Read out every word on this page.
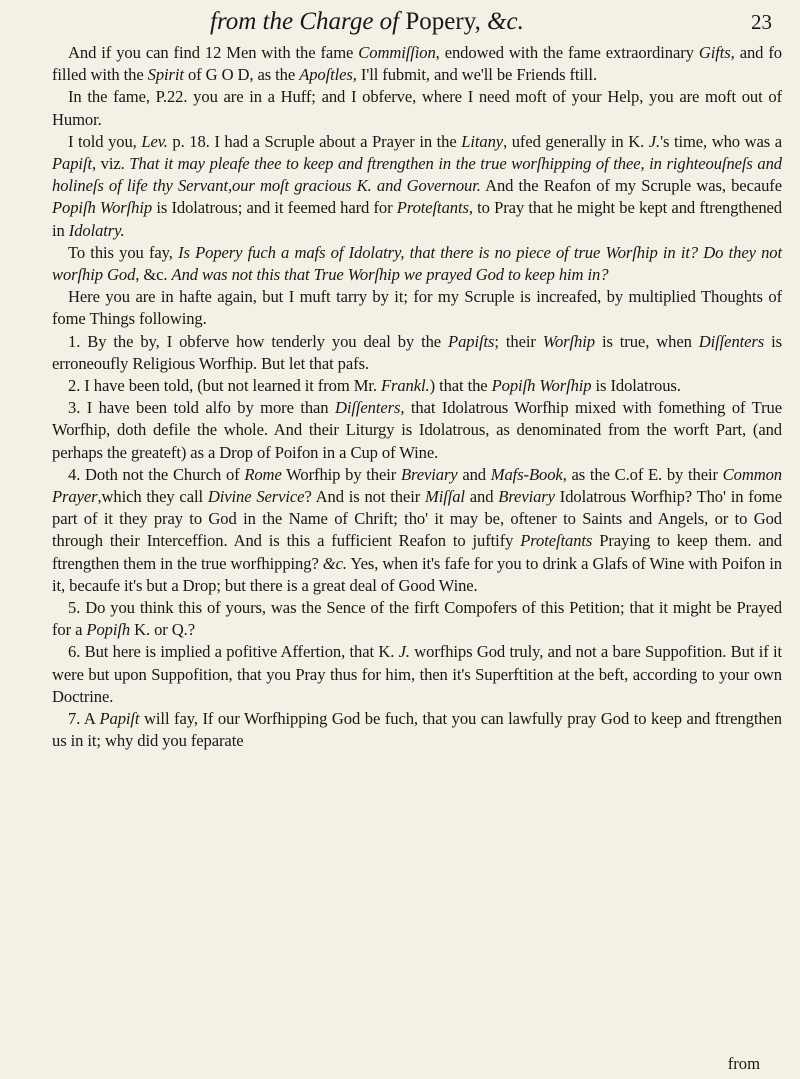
from the Charge of Popery, &c.	23

And if you can find 12 Men with the fame Commiſſion, endowed with the fame extraordinary Gifts, and fo filled with the Spirit of G O D, as the Apoſtles, I'll fubmit, and we'll be Friends ftill.

In the fame, P.22. you are in a Huff; and I obferve, where I need moft of your Help, you are moft out of Humor.

I told you, Lev. p. 18. I had a Scruple about a Prayer in the Litany, ufed generally in K. J.'s time, who was a Papiſt, viz. That it may pleafe thee to keep and ftrengthen in the true worſhipping of thee, in righteouſneſs and holineſs of life thy Servant,our moſt gracious K. and Governour. And the Reafon of my Scruple was, becaufe Popiſh Worſhip is Idolatrous; and it feemed hard for Proteſtants, to Pray that he might be kept and ftrengthened in Idolatry.

To this you fay, Is Popery fuch a mafs of Idolatry, that there is no piece of true Worſhip in it? Do they not worſhip God, &c. And was not this that True Worſhip we prayed God to keep him in?

Here you are in hafte again, but I muft tarry by it; for my Scruple is increafed, by multiplied Thoughts of fome Things following.

1. By the by, I obferve how tenderly you deal by the Papiſts; their Worſhip is true, when Diſſenters is erroneoufly Religious Worfhip. But let that pafs.

2. I have been told, (but not learned it from Mr. Frankl.) that the Popiſh Worſhip is Idolatrous.

3. I have been told alfo by more than Diſſenters, that Idolatrous Worfhip mixed with fomething of True Worfhip, doth defile the whole. And their Liturgy is Idolatrous, as denominated from the worft Part, (and perhaps the greateft) as a Drop of Poifon in a Cup of Wine.

4. Doth not the Church of Rome Worfhip by their Breviary and Mafs-Book, as the C.of E. by their Common Prayer,which they call Divine Service? And is not their Miſſal and Breviary Idolatrous Worfhip? Tho' in fome part of it they pray to God in the Name of Chrift; tho' it may be, oftener to Saints and Angels, or to God through their Interceffion. And is this a fufficient Reafon to juftify Proteſtants Praying to keep them. and ftrengthen them in the true worfhipping? &c. Yes, when it's fafe for you to drink a Glafs of Wine with Poifon in it, becaufe it's but a Drop; but there is a great deal of Good Wine.

5. Do you think this of yours, was the Sence of the firft Compofers of this Petition; that it might be Prayed for a Popiſh K. or Q.?

6. But here is implied a pofitive Affertion, that K. J. worfhips God truly, and not a bare Suppofition. But if it were but upon Suppofition, that you Pray thus for him, then it's Superftition at the beft, according to your own Doctrine.

7. A Papiſt will fay, If our Worfhipping God be fuch, that you can lawfully pray God to keep and ftrengthen us in it; why did you feparate

from
